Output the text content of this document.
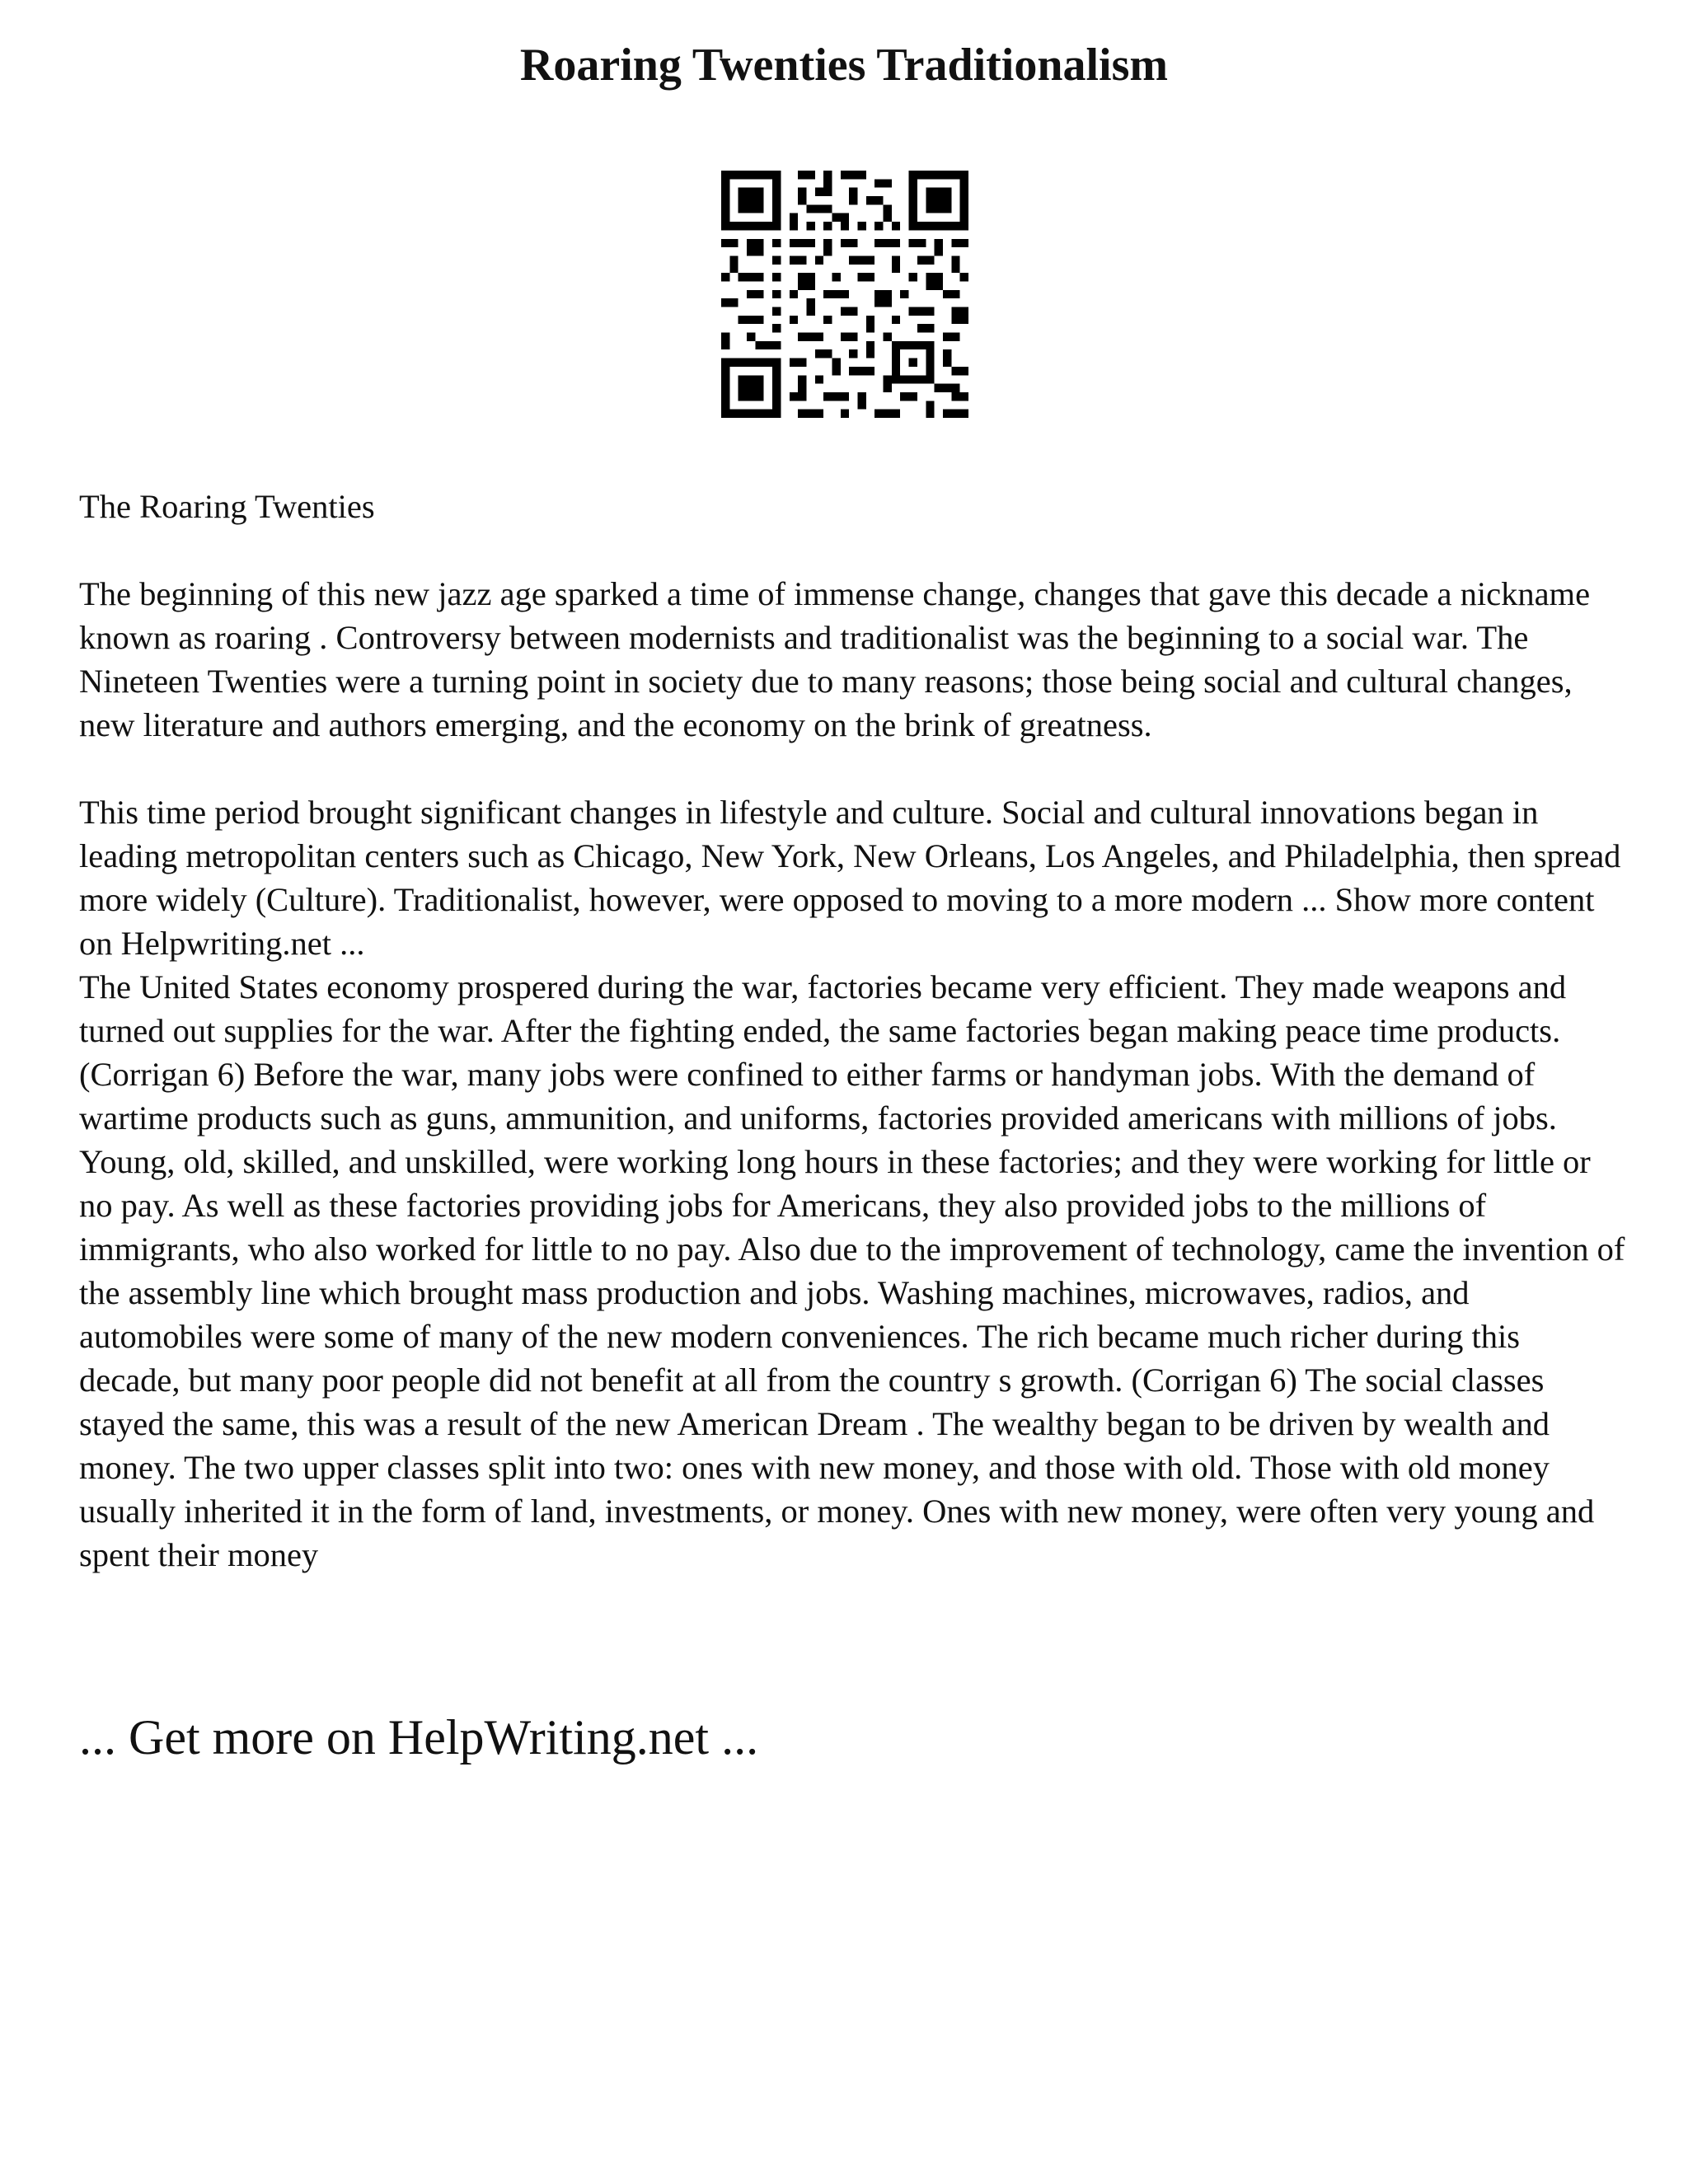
Roaring Twenties Traditionalism

The Roaring Twenties

The beginning of this new jazz age sparked a time of immense change, changes that gave this decade a nickname known as roaring . Controversy between modernists and traditionalist was the beginning to a social war. The Nineteen Twenties were a turning point in society due to many reasons; those being social and cultural changes, new literature and authors emerging, and the economy on the brink of greatness.

This time period brought significant changes in lifestyle and culture. Social and cultural innovations began in leading metropolitan centers such as Chicago, New York, New Orleans, Los Angeles, and Philadelphia, then spread more widely (Culture). Traditionalist, however, were opposed to moving to a more modern ... Show more content on Helpwriting.net ...

The United States economy prospered during the war, factories became very efficient. They made weapons and turned out supplies for the war. After the fighting ended, the same factories began making peace time products. (Corrigan 6) Before the war, many jobs were confined to either farms or handyman jobs. With the demand of wartime products such as guns, ammunition, and uniforms, factories provided americans with millions of jobs. Young, old, skilled, and unskilled, were working long hours in these factories; and they were working for little or no pay. As well as these factories providing jobs for Americans, they also provided jobs to the millions of immigrants, who also worked for little to no pay. Also due to the improvement of technology, came the invention of the assembly line which brought mass production and jobs. Washing machines, microwaves, radios, and automobiles were some of many of the new modern conveniences. The rich became much richer during this decade, but many poor people did not benefit at all from the country s growth. (Corrigan 6) The social classes stayed the same, this was a result of the new American Dream . The wealthy began to be driven by wealth and money. The two upper classes split into two: ones with new money, and those with old. Those with old money usually inherited it in the form of land, investments, or money. Ones with new money, were often very young and spent their money

... Get more on HelpWriting.net ...
